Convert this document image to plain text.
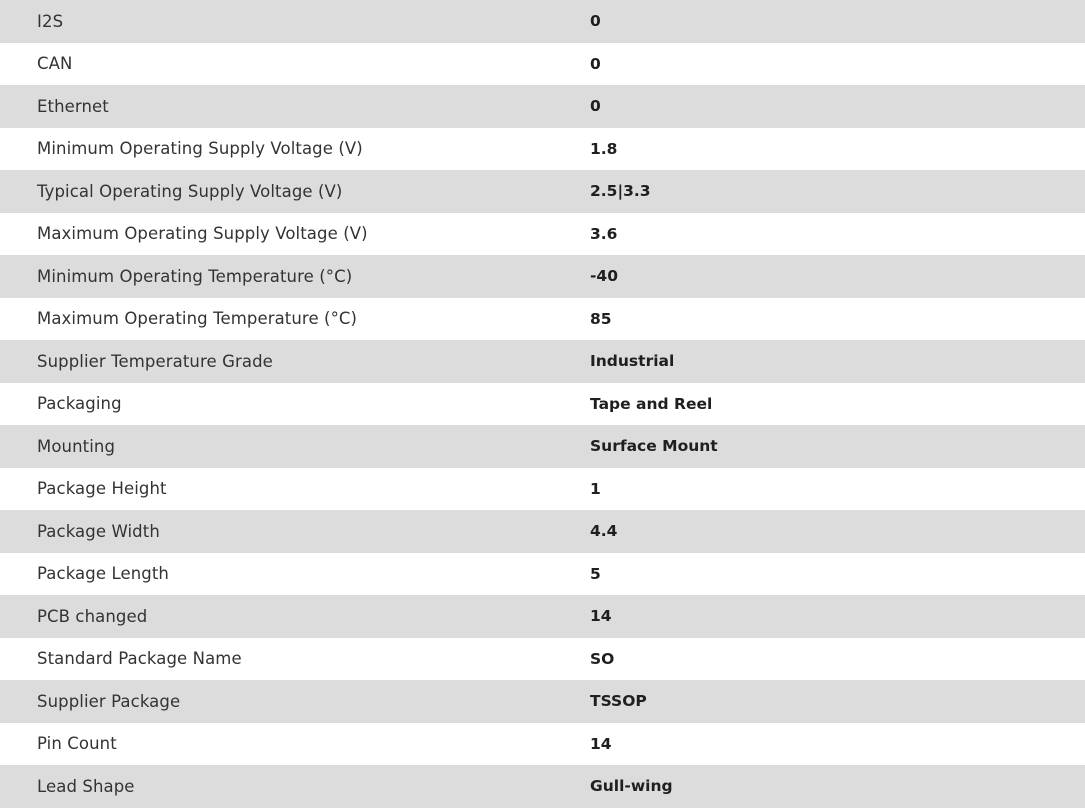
I2S	0
CAN	0
Ethernet	0
Minimum Operating Supply Voltage (V)	1.8
Typical Operating Supply Voltage (V)	2.5|3.3
Maximum Operating Supply Voltage (V)	3.6
Minimum Operating Temperature (°C)	-40
Maximum Operating Temperature (°C)	85
Supplier Temperature Grade	Industrial
Packaging	Tape and Reel
Mounting	Surface Mount
Package Height	1
Package Width	4.4
Package Length	5
PCB changed	14
Standard Package Name	SO
Supplier Package	TSSOP
Pin Count	14
Lead Shape	Gull-wing
